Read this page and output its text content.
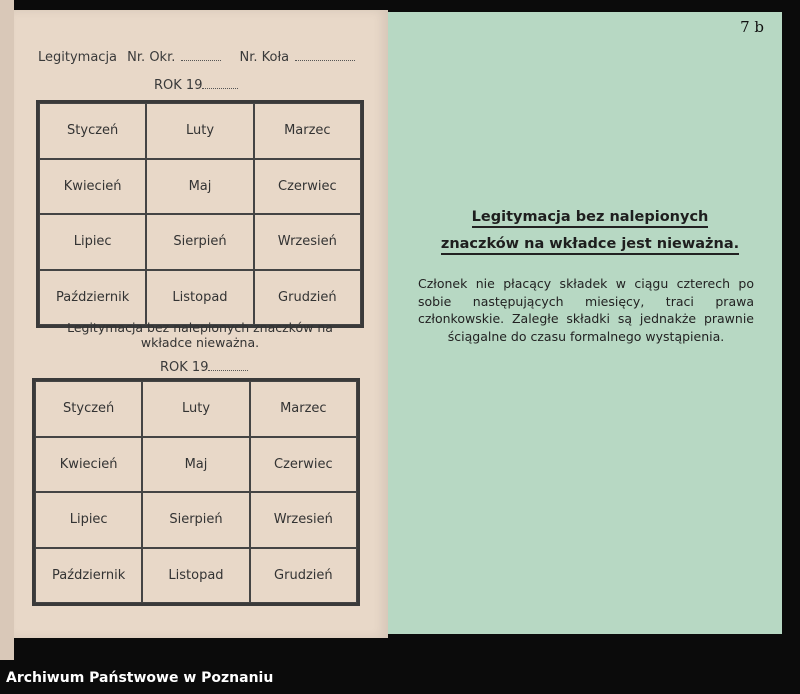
Legitymacja Nr. Okr.	Nr. Koła
ROK 19
Styczeń	Luty	Marzec
Kwiecień	Maj	Czerwiec
Lipiec	Sierpień	Wrzesień
Październik	Listopad	Grudzień
Legitymacja bez nalepionych znaczków na
wkładce nieważna.
ROK 19
Styczeń	Luty	Marzec
Kwiecień	Maj	Czerwiec
Lipiec	Sierpień	Wrzesień
Październik	Listopad	Grudzień
7 b
Legitymacja bez nalepionych
znaczków na wkładce jest nieważna.
Członek nie płacący składek w ciągu czterech po sobie następujących miesięcy, traci prawa członkowskie. Zaległe składki są jednakże prawnie ściągalne do czasu formalnego wystąpienia.
Archiwum Państwowe w Poznaniu
